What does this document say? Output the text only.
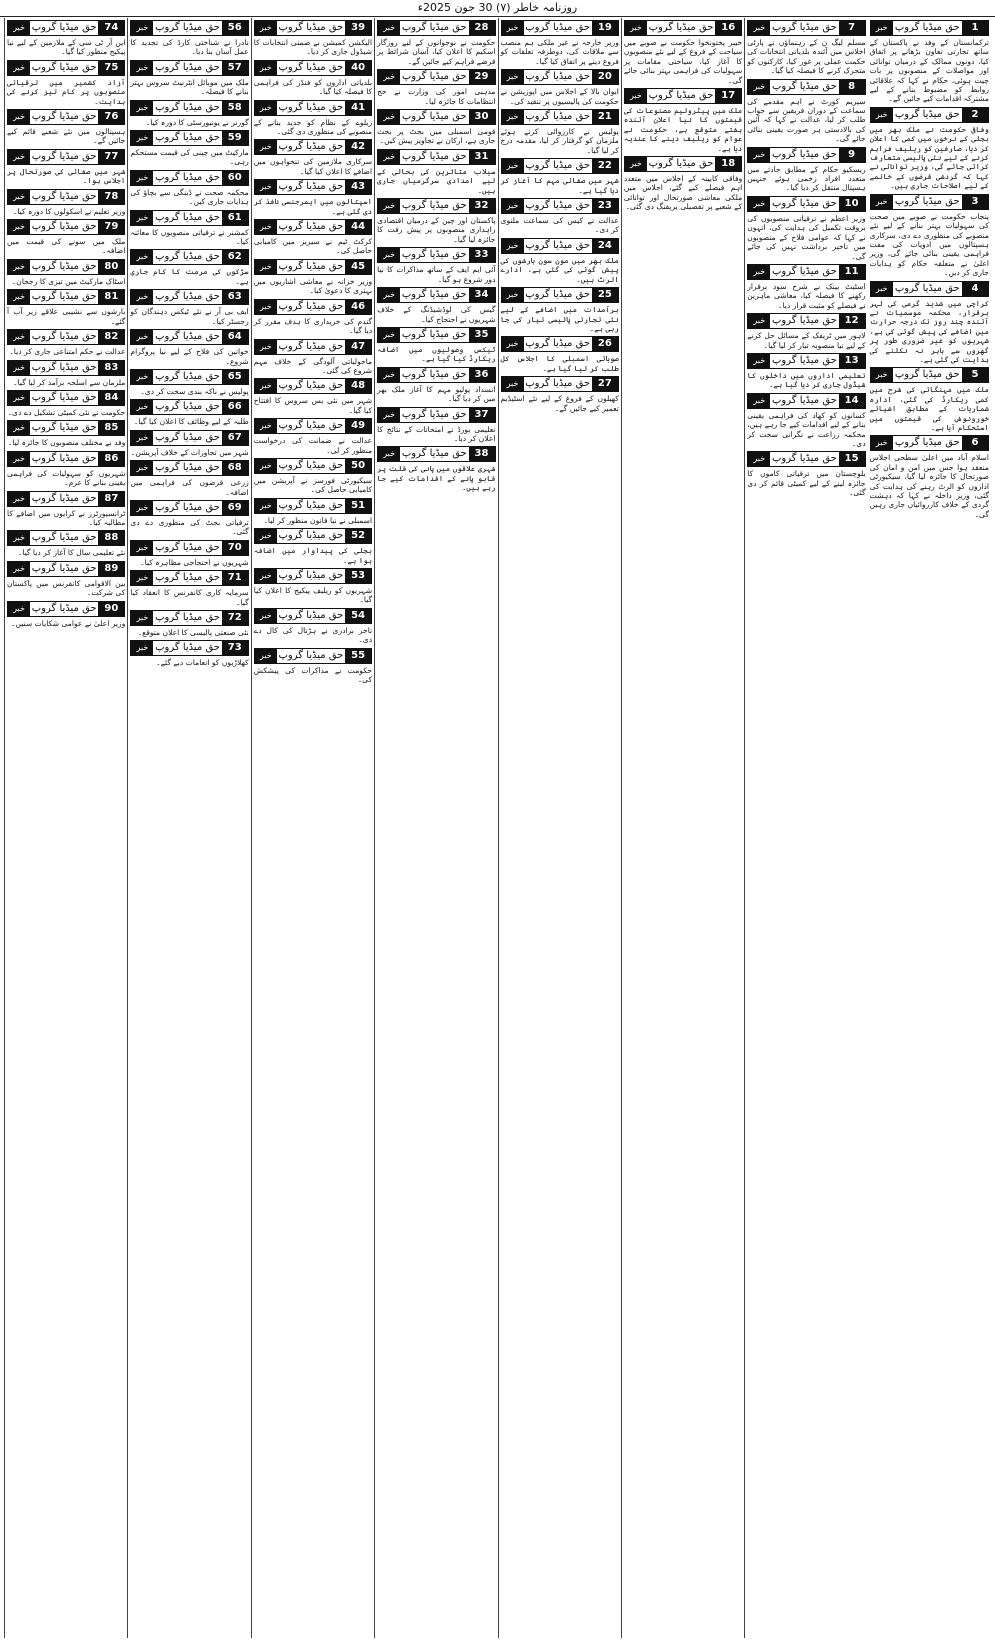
روزنامہ خاطر (۷) 30 جون 2025ء
خبر حق میڈیا گروپ	1
ترکمانستان کے وفد نے پاکستان کے ساتھ تجارتی تعاون بڑھانے پر اتفاق کیا، دونوں ممالک کے درمیان توانائی اور مواصلات کے منصوبوں پر بات چیت ہوئی، حکام نے کہا کہ علاقائی روابط کو مضبوط بنانے کے لیے مشترکہ اقدامات کیے جائیں گے۔
خبر حق میڈیا گروپ	2
وفاقی حکومت نے ملک بھر میں بجلی کے نرخوں میں کمی کا اعلان کر دیا، صارفین کو ریلیف فراہم کرنے کے لیے نئی پالیسی متعارف کرائی جائے گی، وزیر توانائی نے کہا کہ گردشی قرضوں کے خاتمے کے لیے اصلاحات جاری ہیں۔
خبر حق میڈیا گروپ	3
پنجاب حکومت نے صوبے میں صحت کی سہولیات بہتر بنانے کے لیے نئے منصوبے کی منظوری دے دی، سرکاری ہسپتالوں میں ادویات کی مفت فراہمی یقینی بنائی جائے گی، وزیر اعلیٰ نے متعلقہ حکام کو ہدایات جاری کر دیں۔
خبر حق میڈیا گروپ	4
کراچی میں شدید گرمی کی لہر برقرار، محکمہ موسمیات نے آئندہ چند روز تک درجہ حرارت میں اضافے کی پیش گوئی کی ہے، شہریوں کو غیر ضروری طور پر گھروں سے باہر نہ نکلنے کی ہدایت کی گئی ہے۔
خبر حق میڈیا گروپ	5
ملک میں مہنگائی کی شرح میں کمی ریکارڈ کی گئی، ادارہ شماریات کے مطابق اشیائے خورونوش کی قیمتوں میں استحکام آیا ہے۔
خبر حق میڈیا گروپ	6
اسلام آباد میں اعلیٰ سطحی اجلاس منعقد ہوا جس میں امن و امان کی صورتحال کا جائزہ لیا گیا، سیکیورٹی اداروں کو الرٹ رہنے کی ہدایت کی گئی، وزیر داخلہ نے کہا کہ دہشت گردی کے خلاف کارروائیاں جاری رہیں گی۔
خبر حق میڈیا گروپ	7
مسلم لیگ ن کے رہنماؤں نے پارٹی اجلاس میں آئندہ بلدیاتی انتخابات کی حکمت عملی پر غور کیا، کارکنوں کو متحرک کرنے کا فیصلہ کیا گیا۔
خبر حق میڈیا گروپ	8
سپریم کورٹ نے اہم مقدمے کی سماعت کے دوران فریقین سے جواب طلب کر لیا، عدالت نے کہا کہ آئین کی بالادستی ہر صورت یقینی بنائی جائے گی۔
خبر حق میڈیا گروپ	9
ریسکیو حکام کے مطابق حادثے میں متعدد افراد زخمی ہوئے جنہیں ہسپتال منتقل کر دیا گیا۔
خبر حق میڈیا گروپ 10
وزیر اعظم نے ترقیاتی منصوبوں کی بروقت تکمیل کی ہدایت کی، انہوں نے کہا کہ عوامی فلاح کے منصوبوں میں تاخیر برداشت نہیں کی جائے گی۔
خبر حق میڈیا گروپ 11
اسٹیٹ بینک نے شرح سود برقرار رکھنے کا فیصلہ کیا، معاشی ماہرین نے فیصلے کو مثبت قرار دیا۔
خبر حق میڈیا گروپ 12
لاہور میں ٹریفک کے مسائل حل کرنے کے لیے نیا منصوبہ تیار کر لیا گیا۔
خبر حق میڈیا گروپ 13
تعلیمی اداروں میں داخلوں کا شیڈول جاری کر دیا گیا ہے۔
خبر حق میڈیا گروپ 14
کسانوں کو کھاد کی فراہمی یقینی بنانے کے لیے اقدامات کیے جا رہے ہیں، محکمہ زراعت نے نگرانی سخت کر دی۔
خبر حق میڈیا گروپ 15
بلوچستان میں ترقیاتی کاموں کا جائزہ لینے کے لیے کمیٹی قائم کر دی گئی۔
خبر حق میڈیا گروپ 16
خیبر پختونخوا حکومت نے صوبے میں سیاحت کے فروغ کے لیے نئے منصوبوں کا آغاز کیا، سیاحتی مقامات پر سہولیات کی فراہمی بہتر بنائی جائے گی۔
خبر حق میڈیا گروپ 17
ملک میں پیٹرولیم مصنوعات کی قیمتوں کا نیا اعلان آئندہ ہفتے متوقع ہے، حکومت نے عوام کو ریلیف دینے کا عندیہ دیا ہے۔
خبر حق میڈیا گروپ 18
وفاقی کابینہ کے اجلاس میں متعدد اہم فیصلے کیے گئے، اجلاس میں ملکی معاشی صورتحال اور توانائی کے شعبے پر تفصیلی بریفنگ دی گئی۔
خبر حق میڈیا گروپ 19
وزیر خارجہ نے غیر ملکی ہم منصب سے ملاقات کی، دوطرفہ تعلقات کو فروغ دینے پر اتفاق کیا گیا۔
خبر حق میڈیا گروپ 20
ایوان بالا کے اجلاس میں اپوزیشن نے حکومت کی پالیسیوں پر تنقید کی۔
خبر حق میڈیا گروپ 21
پولیس نے کارروائی کرتے ہوئے ملزمان کو گرفتار کر لیا، مقدمہ درج کر لیا گیا۔
خبر حق میڈیا گروپ 22
شہر میں صفائی مہم کا آغاز کر دیا گیا ہے۔
خبر حق میڈیا گروپ 23
عدالت نے کیس کی سماعت ملتوی کر دی۔
خبر حق میڈیا گروپ 24
ملک بھر میں مون سون بارشوں کی پیش گوئی کی گئی ہے، ادارے الرٹ ہیں۔
خبر حق میڈیا گروپ 25
برآمدات میں اضافے کے لیے نئی تجارتی پالیسی تیار کی جا رہی ہے۔
خبر حق میڈیا گروپ 26
صوبائی اسمبلی کا اجلاس کل طلب کر لیا گیا ہے۔
خبر حق میڈیا گروپ 27
کھیلوں کے فروغ کے لیے نئے اسٹیڈیم تعمیر کیے جائیں گے۔
خبر حق میڈیا گروپ 28
حکومت نے نوجوانوں کے لیے روزگار اسکیم کا اعلان کیا، آسان شرائط پر قرضے فراہم کیے جائیں گے۔
خبر حق میڈیا گروپ 29
مذہبی امور کی وزارت نے حج انتظامات کا جائزہ لیا۔
خبر حق میڈیا گروپ 30
قومی اسمبلی میں بجٹ پر بحث جاری ہے، ارکان نے تجاویز پیش کیں۔
خبر حق میڈیا گروپ 31
سیلاب متاثرین کی بحالی کے لیے امدادی سرگرمیاں جاری ہیں۔
خبر حق میڈیا گروپ 32
پاکستان اور چین کے درمیان اقتصادی راہداری منصوبوں پر پیش رفت کا جائزہ لیا گیا۔
خبر حق میڈیا گروپ 33
آئی ایم ایف کے ساتھ مذاکرات کا نیا دور شروع ہو گیا۔
خبر حق میڈیا گروپ 34
گیس کی لوڈشیڈنگ کے خلاف شہریوں نے احتجاج کیا۔
خبر حق میڈیا گروپ 35
ٹیکس وصولیوں میں اضافہ ریکارڈ کیا گیا ہے۔
خبر حق میڈیا گروپ 36
انسداد پولیو مہم کا آغاز ملک بھر میں کر دیا گیا۔
خبر حق میڈیا گروپ 37
تعلیمی بورڈ نے امتحانات کے نتائج کا اعلان کر دیا۔
خبر حق میڈیا گروپ 38
شہری علاقوں میں پانی کی قلت پر قابو پانے کے اقدامات کیے جا رہے ہیں۔
خبر حق میڈیا گروپ 39
الیکشن کمیشن نے ضمنی انتخابات کا شیڈول جاری کر دیا۔
خبر حق میڈیا گروپ 40
بلدیاتی اداروں کو فنڈز کی فراہمی کا فیصلہ کیا گیا۔
خبر حق میڈیا گروپ 41
ریلوے کے نظام کو جدید بنانے کے منصوبے کی منظوری دی گئی۔
خبر حق میڈیا گروپ 42
سرکاری ملازمین کی تنخواہوں میں اضافے کا اعلان کیا گیا۔
خبر حق میڈیا گروپ 43
اسپتالوں میں ایمرجنسی نافذ کر دی گئی ہے۔
خبر حق میڈیا گروپ 44
کرکٹ ٹیم نے سیریز میں کامیابی حاصل کی۔
خبر حق میڈیا گروپ 45
وزیر خزانہ نے معاشی اشاریوں میں بہتری کا دعویٰ کیا۔
خبر حق میڈیا گروپ 46
گندم کی خریداری کا ہدف مقرر کر دیا گیا۔
خبر حق میڈیا گروپ 47
ماحولیاتی آلودگی کے خلاف مہم شروع کی گئی۔
خبر حق میڈیا گروپ 48
شہر میں نئی بس سروس کا افتتاح کیا گیا۔
خبر حق میڈیا گروپ 49
عدالت نے ضمانت کی درخواست منظور کر لی۔
خبر حق میڈیا گروپ 50
سیکیورٹی فورسز نے آپریشن میں کامیابی حاصل کی۔
خبر حق میڈیا گروپ 51
اسمبلی نے نیا قانون منظور کر لیا۔
خبر حق میڈیا گروپ 52
بجلی کی پیداوار میں اضافہ ہوا ہے۔
خبر حق میڈیا گروپ 53
شہریوں کو ریلیف پیکیج کا اعلان کیا گیا۔
خبر حق میڈیا گروپ 54
تاجر برادری نے ہڑتال کی کال دے دی۔
خبر حق میڈیا گروپ 55
حکومت نے مذاکرات کی پیشکش کی۔
خبر حق میڈیا گروپ 56
نادرا نے شناختی کارڈ کی تجدید کا عمل آسان بنا دیا۔
خبر حق میڈیا گروپ 57
ملک میں موبائل انٹرنیٹ سروس بہتر بنانے کا فیصلہ۔
خبر حق میڈیا گروپ 58
گورنر نے یونیورسٹی کا دورہ کیا۔
خبر حق میڈیا گروپ 59
مارکیٹ میں چینی کی قیمت مستحکم رہی۔
خبر حق میڈیا گروپ 60
محکمہ صحت نے ڈینگی سے بچاؤ کی ہدایات جاری کیں۔
خبر حق میڈیا گروپ 61
کمشنر نے ترقیاتی منصوبوں کا معائنہ کیا۔
خبر حق میڈیا گروپ 62
سڑکوں کی مرمت کا کام جاری ہے۔
خبر حق میڈیا گروپ 63
ایف بی آر نے نئے ٹیکس دہندگان کو رجسٹر کیا۔
خبر حق میڈیا گروپ 64
خواتین کی فلاح کے لیے نیا پروگرام شروع۔
خبر حق میڈیا گروپ 65
پولیس نے ناکہ بندی سخت کر دی۔
خبر حق میڈیا گروپ 66
طلبہ کے لیے وظائف کا اعلان کیا گیا۔
خبر حق میڈیا گروپ 67
شہر میں تجاوزات کے خلاف آپریشن۔
خبر حق میڈیا گروپ 68
زرعی قرضوں کی فراہمی میں اضافہ۔
خبر حق میڈیا گروپ 69
ترقیاتی بجٹ کی منظوری دے دی گئی۔
خبر حق میڈیا گروپ 70
شہریوں نے احتجاجی مظاہرہ کیا۔
خبر حق میڈیا گروپ 71
سرمایہ کاری کانفرنس کا انعقاد کیا گیا۔
خبر حق میڈیا گروپ 72
نئی صنعتی پالیسی کا اعلان متوقع۔
خبر حق میڈیا گروپ 73
کھلاڑیوں کو انعامات دیے گئے۔
خبر حق میڈیا گروپ 74
این آر ٹی سی کے ملازمین کے لیے نیا پیکیج منظور کیا گیا۔
خبر حق میڈیا گروپ 75
آزاد کشمیر میں ترقیاتی منصوبوں پر کام تیز کرنے کی ہدایت۔
خبر حق میڈیا گروپ 76
ہسپتالوں میں نئے شعبے قائم کیے جائیں گے۔
خبر حق میڈیا گروپ 77
شہر میں صفائی کی صورتحال پر اجلاس ہوا۔
خبر حق میڈیا گروپ 78
وزیر تعلیم نے اسکولوں کا دورہ کیا۔
خبر حق میڈیا گروپ 79
ملک میں سونے کی قیمت میں اضافہ۔
خبر حق میڈیا گروپ 80
اسٹاک مارکیٹ میں تیزی کا رجحان۔
خبر حق میڈیا گروپ 81
بارشوں سے نشیبی علاقے زیر آب آ گئے۔
خبر حق میڈیا گروپ 82
عدالت نے حکم امتناعی جاری کر دیا۔
خبر حق میڈیا گروپ 83
ملزمان سے اسلحہ برآمد کر لیا گیا۔
خبر حق میڈیا گروپ 84
حکومت نے نئی کمیٹی تشکیل دے دی۔
خبر حق میڈیا گروپ 85
وفد نے مختلف منصوبوں کا جائزہ لیا۔
خبر حق میڈیا گروپ 86
شہریوں کو سہولیات کی فراہمی یقینی بنانے کا عزم۔
خبر حق میڈیا گروپ 87
ٹرانسپورٹرز نے کرایوں میں اضافے کا مطالبہ کیا۔
خبر حق میڈیا گروپ 88
نئے تعلیمی سال کا آغاز کر دیا گیا۔
خبر حق میڈیا گروپ 89
بین الاقوامی کانفرنس میں پاکستان کی شرکت۔
خبر حق میڈیا گروپ 90
وزیر اعلیٰ نے عوامی شکایات سنیں۔
